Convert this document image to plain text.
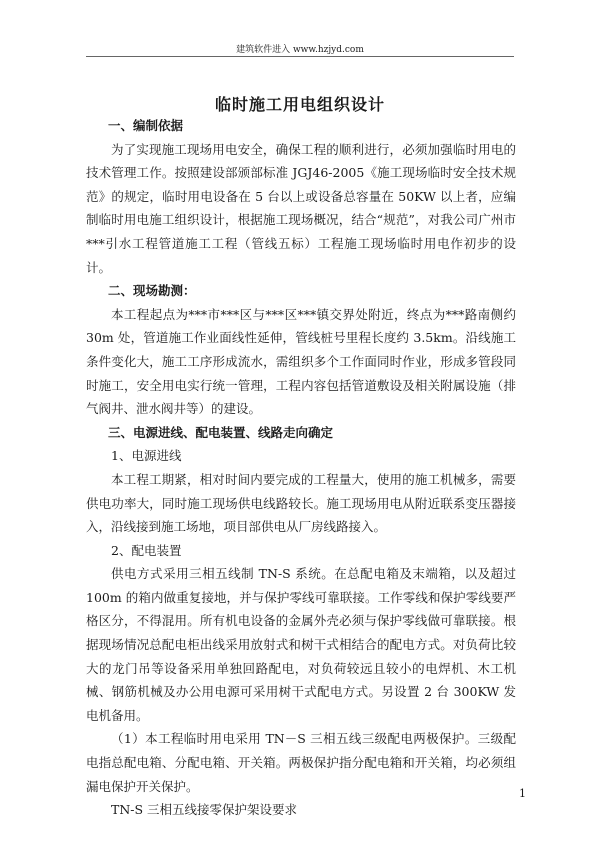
建筑软件进入 www.hzjyd.com
临时施工用电组织设计

一、编制依据

为了实现施工现场用电安全，确保工程的顺利进行，必须加强临时用电的技术管理工作。按照建设部颁部标准 JGJ46-2005《施工现场临时安全技术规范》的规定，临时用电设备在 5 台以上或设备总容量在 50KW 以上者，应编制临时用电施工组织设计，根据施工现场概况，结合“规范”，对我公司广州市***引水工程管道施工工程（管线五标）工程施工现场临时用电作初步的设计。

二、现场勘测：

本工程起点为***市***区与***区***镇交界处附近，终点为***路南侧约 30m 处，管道施工作业面线性延伸，管线桩号里程长度约 3.5km。沿线施工条件变化大，施工工序形成流水，需组织多个工作面同时作业，形成多管段同时施工，安全用电实行统一管理，工程内容包括管道敷设及相关附属设施（排气阀井、泄水阀井等）的建设。

三、电源进线、配电装置、线路走向确定

1、电源进线

本工程工期紧，相对时间内要完成的工程量大，使用的施工机械多，需要供电功率大，同时施工现场供电线路较长。施工现场用电从附近联系变压器接入，沿线接到施工场地，项目部供电从厂房线路接入。

2、配电装置

供电方式采用三相五线制 TN-S 系统。在总配电箱及末端箱，以及超过 100m 的箱内做重复接地，并与保护零线可靠联接。工作零线和保护零线要严格区分，不得混用。所有机电设备的金属外壳必须与保护零线做可靠联接。根据现场情况总配电柜出线采用放射式和树干式相结合的配电方式。对负荷比较大的龙门吊等设备采用单独回路配电，对负荷较远且较小的电焊机、木工机械、钢筋机械及办公用电源可采用树干式配电方式。另设置 2 台 300KW 发电机备用。

（1）本工程临时用电采用 TN－S 三相五线三级配电两极保护。三级配电指总配电箱、分配电箱、开关箱。两极保护指分配电箱和开关箱，均必须组漏电保护开关保护。

TN-S 三相五线接零保护架设要求

1
